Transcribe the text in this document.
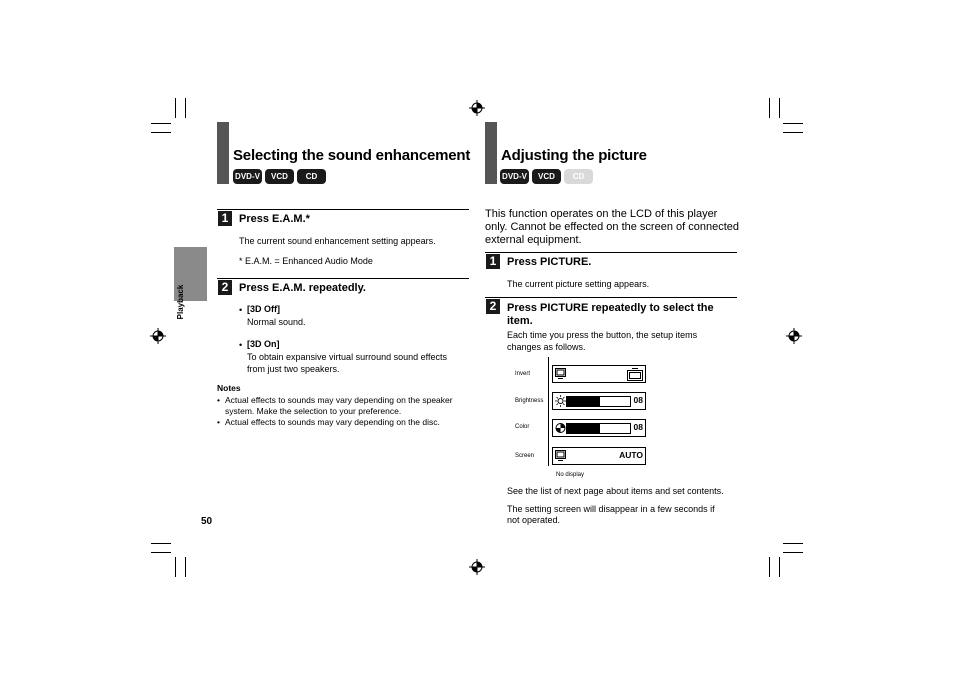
Playback
Selecting the sound enhancement
DVD-V	VCD	CD
1 Press E.A.M.*
The current sound enhancement setting appears.
* E.A.M. = Enhanced Audio Mode
2 Press E.A.M. repeatedly.
• [3D Off]
Normal sound.
• [3D On]
To obtain expansive virtual surround sound effects
from just two speakers.
Notes
• Actual effects to sounds may vary depending on the speaker
system. Make the selection to your preference.
• Actual effects to sounds may vary depending on the disc.
50
Adjusting the picture
DVD-V	VCD	CD
This function operates on the LCD of this player
only. Cannot be effected on the screen of connected
external equipment.
1 Press PICTURE.
The current picture setting appears.
2 Press PICTURE repeatedly to select the
item.
Each time you press the button, the setup items
changes as follows.
Invert
Brightness	08
Color	08
Screen	AUTO
No display
See the list of next page about items and set contents.
The setting screen will disappear in a few seconds if
not operated.
